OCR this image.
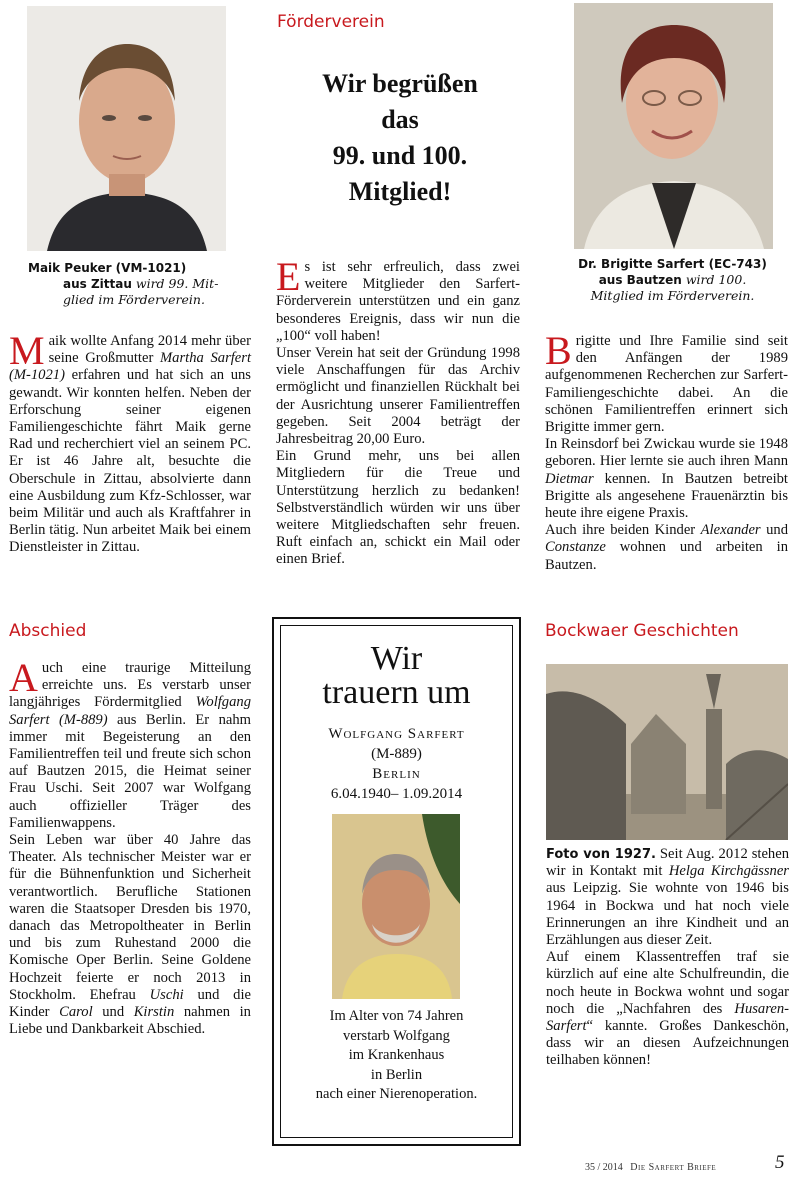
Förderverein
Maik Peuker (VM-1021)
aus Zittau wird 99. Mit-
glied im Förderverein.
Wir begrüßen
das
99. und 100.
Mitglied!
Dr. Brigitte Sarfert (EC-743)
aus Bautzen wird 100.
Mitglied im Förderverein.

Maik wollte Anfang 2014 mehr über seine Großmutter Martha Sarfert (M-1021) erfahren und hat sich an uns gewandt. Wir konnten helfen. Neben der Erforschung seiner eigenen Familiengeschichte fährt Maik gerne Rad und recherchiert viel an seinem PC. Er ist 46 Jahre alt, besuchte die Oberschule in Zittau, absolvierte dann eine Ausbildung zum Kfz-Schlosser, war beim Militär und auch als Kraftfahrer in Berlin tätig. Nun arbeitet Maik bei einem Dienstleister in Zittau.

Es ist sehr erfreulich, dass zwei weitere Mitglieder den Sarfert-Förderverein unterstützen und ein ganz besonderes Ereignis, dass wir nun die „100“ voll haben!

Unser Verein hat seit der Gründung 1998 viele Anschaffungen für das Archiv ermöglicht und finanziellen Rückhalt bei der Ausrichtung unserer Familientreffen gegeben. Seit 2004 beträgt der Jahresbeitrag 20,00 Euro.

Ein Grund mehr, uns bei allen Mitgliedern für die Treue und Unterstützung herzlich zu bedanken! Selbstverständlich würden wir uns über weitere Mitgliedschaften sehr freuen. Ruft einfach an, schickt ein Mail oder einen Brief.

Brigitte und Ihre Familie sind seit den Anfängen der 1989 aufgenommenen Recherchen zur Sarfert-Familiengeschichte dabei. An die schönen Familientreffen erinnert sich Brigitte immer gern.

In Reinsdorf bei Zwickau wurde sie 1948 geboren. Hier lernte sie auch ihren Mann Dietmar kennen. In Bautzen betreibt Brigitte als angesehene Frauenärztin bis heute ihre eigene Praxis.

Auch ihre beiden Kinder Alexander und Constanze wohnen und arbeiten in Bautzen.

Abschied

Auch eine traurige Mitteilung erreichte uns. Es verstarb unser langjähriges Fördermitglied Wolfgang Sarfert (M-889) aus Berlin. Er nahm immer mit Begeisterung an den Familientreffen teil und freute sich schon auf Bautzen 2015, die Heimat seiner Frau Uschi. Seit 2007 war Wolfgang auch offizieller Träger des Familienwappens.

Sein Leben war über 40 Jahre das Theater. Als technischer Meister war er für die Bühnenfunktion und Sicherheit verantwortlich. Berufliche Stationen waren die Staatsoper Dresden bis 1970, danach das Metropoltheater in Berlin und bis zum Ruhestand 2000 die Komische Oper Berlin. Seine Goldene Hochzeit feierte er noch 2013 in Stockholm. Ehefrau Uschi und die Kinder Carol und Kirstin nahmen in Liebe und Dankbarkeit Abschied.

Wir
trauern um
Wolfgang Sarfert
(M-889)
Berlin
6.04.1940– 1.09.2014
Im Alter von 74 Jahren
verstarb Wolfgang
im Krankenhaus
in Berlin
nach einer Nierenoperation.
Bockwaer Geschichten

Foto von 1927. Seit Aug. 2012 stehen wir in Kontakt mit Helga Kirchgässner aus Leipzig. Sie wohnte von 1946 bis 1964 in Bockwa und hat noch viele Erinnerungen an ihre Kindheit und an Erzählungen aus dieser Zeit.

Auf einem Klassentreffen traf sie kürzlich auf eine alte Schulfreundin, die noch heute in Bockwa wohnt und sogar noch die „Nachfahren des Husaren-Sarfert“ kannte. Großes Dankeschön, dass wir an diesen Aufzeichnungen teilhaben können!

35 / 2014 Die Sarfert Briefe	5
